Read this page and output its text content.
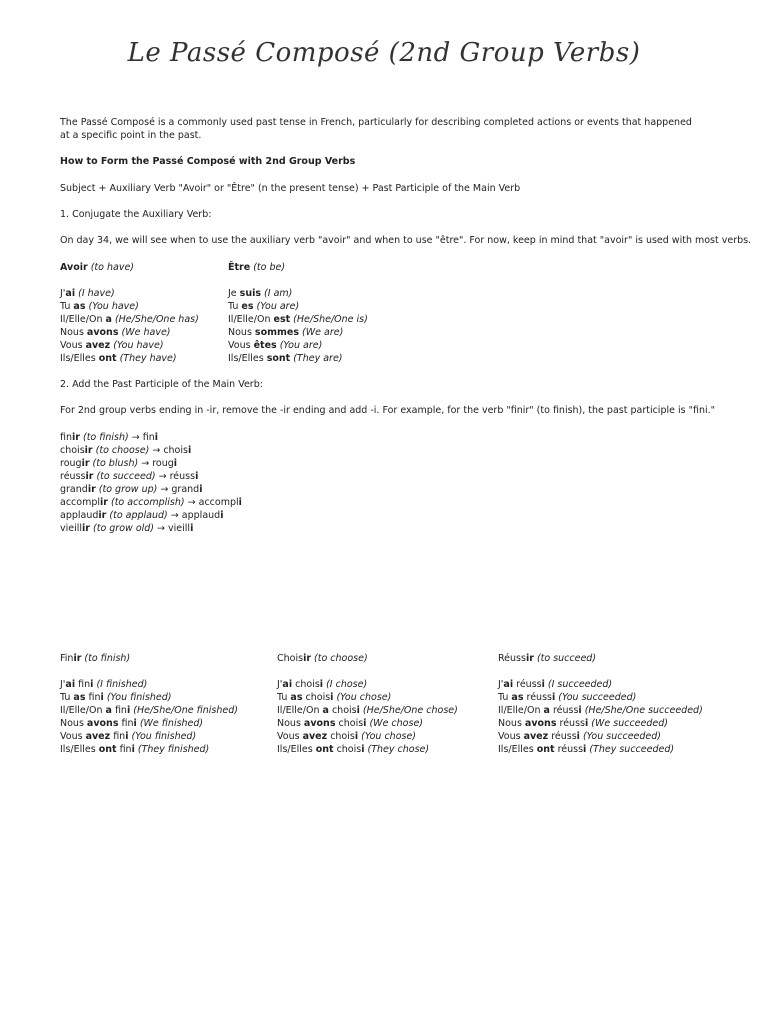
Le Passé Composé (2nd Group Verbs)
The Passé Composé is a commonly used past tense in French, particularly for describing completed actions or events that happened at a specific point in the past.
How to Form the Passé Composé with 2nd Group Verbs
Subject + Auxiliary Verb "Avoir" or "Être" (n the present tense) + Past Participle of the Main Verb
1. Conjugate the Auxiliary Verb:
On day 34, we will see when to use the auxiliary verb "avoir" and when to use "être". For now, keep in mind that "avoir" is used with most verbs.
Avoir (to have)
J'ai (I have)
Tu as (You have)
Il/Elle/On a (He/She/One has)
Nous avons (We have)
Vous avez (You have)
Ils/Elles ont (They have)
Être (to be)
Je suis (I am)
Tu es (You are)
Il/Elle/On est (He/She/One is)
Nous sommes (We are)
Vous êtes (You are)
Ils/Elles sont (They are)
2. Add the Past Participle of the Main Verb:
For 2nd group verbs ending in -ir, remove the -ir ending and add -i. For example, for the verb "finir" (to finish), the past participle is "fini."
finir (to finish) → fini
choisir (to choose) → choisi
rougir (to blush) → rougi
réussir (to succeed) → réussi
grandir (to grow up) → grandi
accomplir (to accomplish) → accompli
applaudir (to applaud) → applaudi
vieillir (to grow old) → vieilli
Finir (to finish)
J'ai fini (I finished)
Tu as fini (You finished)
Il/Elle/On a fini (He/She/One finished)
Nous avons fini (We finished)
Vous avez fini (You finished)
Ils/Elles ont fini (They finished)
Choisir (to choose)
J'ai choisi (I chose)
Tu as choisi (You chose)
Il/Elle/On a choisi (He/She/One chose)
Nous avons choisi (We chose)
Vous avez choisi (You chose)
Ils/Elles ont choisi (They chose)
Réussir (to succeed)
J'ai réussi (I succeeded)
Tu as réussi (You succeeded)
Il/Elle/On a réussi (He/She/One succeeded)
Nous avons réussi (We succeeded)
Vous avez réussi (You succeeded)
Ils/Elles ont réussi (They succeeded)
